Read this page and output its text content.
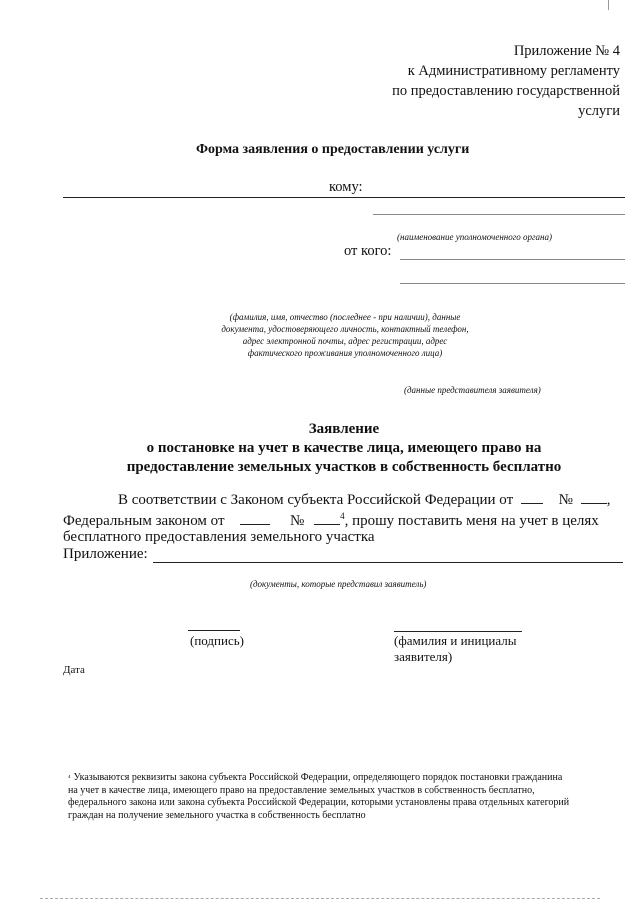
Приложение № 4
к Административному регламенту
по предоставлению государственной
услуги
Форма заявления о предоставлении услуги
кому:
(наименование уполномоченного органа)
от кого:
(фамилия, имя, отчество (последнее - при наличии), данные
документа, удостоверяющего личность, контактный телефон,
адрес электронной почты, адрес регистрации, адрес
фактического проживания уполномоченного лица)
(данные представителя заявителя)
Заявление
о постановке на учет в качестве лица, имеющего право на
предоставление земельных участков в собственность бесплатно
В соответствии с Законом субъекта Российской Федерации от	№ ,
Федеральным законом от	№	$^4$, прошу поставить меня на учет в целях
бесплатного предоставления земельного участка
Приложение:
(документы, которые представил заявитель)
(подпись)	(фамилия и инициалы
заявителя)
Дата
$^{^4}$ Указываются реквизиты закона субъекта Российской Федерации, определяющего порядок постановки гражданина
на учет в качестве лица, имеющего право на предоставление земельных участков в собственность бесплатно,
федерального закона или закона субъекта Российской Федерации, которыми установлены права отдельных категорий
граждан на получение земельного участка в собственность бесплатно
